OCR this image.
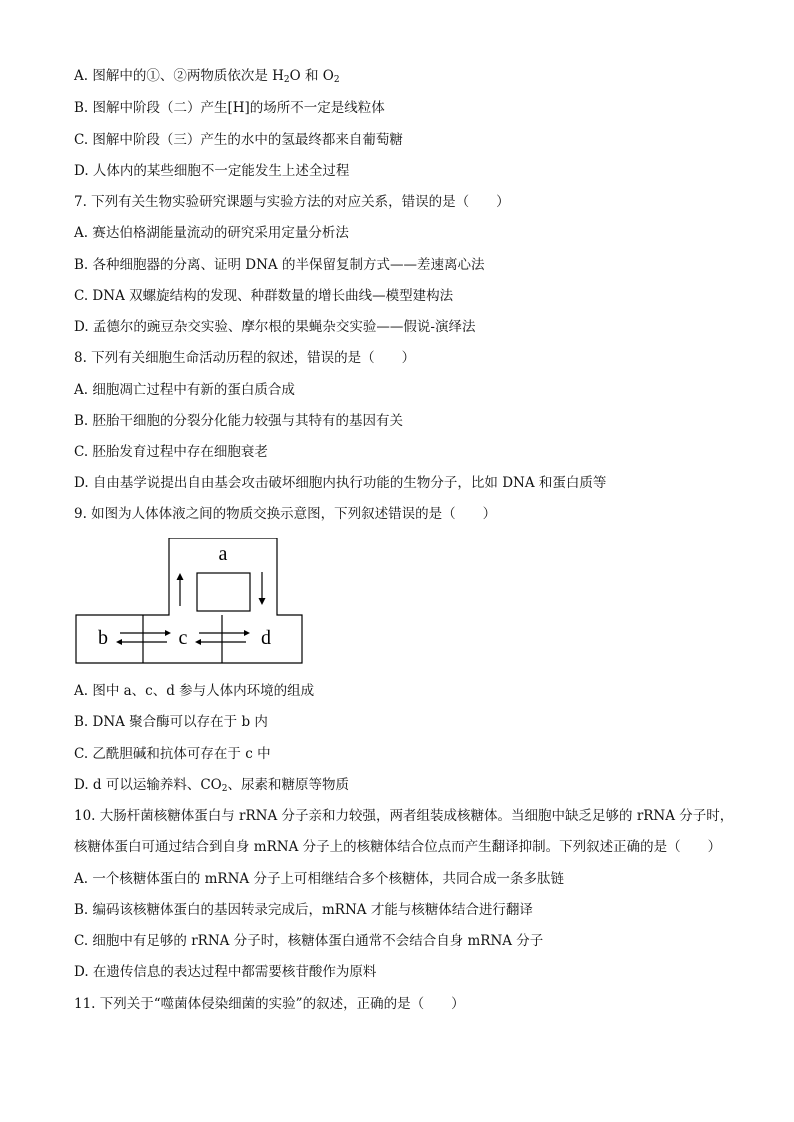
A. 图解中的①、②两物质依次是 $H_2O$ 和 $O_2$
B. 图解中阶段（二）产生[H]的场所不一定是线粒体
C. 图解中阶段（三）产生的水中的氢最终都来自葡萄糖
D. 人体内的某些细胞不一定能发生上述全过程
7. 下列有关生物实验研究课题与实验方法的对应关系，错误的是（　　）
A. 赛达伯格湖能量流动的研究采用定量分析法
B. 各种细胞器的分离、证明 DNA 的半保留复制方式——差速离心法
C. DNA 双螺旋结构的发现、种群数量的增长曲线—模型建构法
D. 孟德尔的豌豆杂交实验、摩尔根的果蝇杂交实验——假说-演绎法
8. 下列有关细胞生命活动历程的叙述，错误的是（　　）
A. 细胞凋亡过程中有新的蛋白质合成
B. 胚胎干细胞的分裂分化能力较强与其特有的基因有关
C. 胚胎发育过程中存在细胞衰老
D. 自由基学说提出自由基会攻击破坏细胞内执行功能的生物分子，比如 DNA 和蛋白质等
9. 如图为人体体液之间的物质交换示意图，下列叙述错误的是（　　）
a
b	c	d
A. 图中 a、c、d 参与人体内环境的组成
B. DNA 聚合酶可以存在于 b 内
C. 乙酰胆碱和抗体可存在于 c 中
D. d 可以运输养料、$CO_2$、尿素和糖原等物质
10. 大肠杆菌核糖体蛋白与 rRNA 分子亲和力较强，两者组装成核糖体。当细胞中缺乏足够的 rRNA 分子时，
核糖体蛋白可通过结合到自身 mRNA 分子上的核糖体结合位点而产生翻译抑制。下列叙述正确的是（　　）
A. 一个核糖体蛋白的 mRNA 分子上可相继结合多个核糖体，共同合成一条多肽链
B. 编码该核糖体蛋白的基因转录完成后，mRNA 才能与核糖体结合进行翻译
C. 细胞中有足够的 rRNA 分子时，核糖体蛋白通常不会结合自身 mRNA 分子
D. 在遗传信息的表达过程中都需要核苷酸作为原料
11. 下列关于“噬菌体侵染细菌的实验”的叙述，正确的是（　　）
